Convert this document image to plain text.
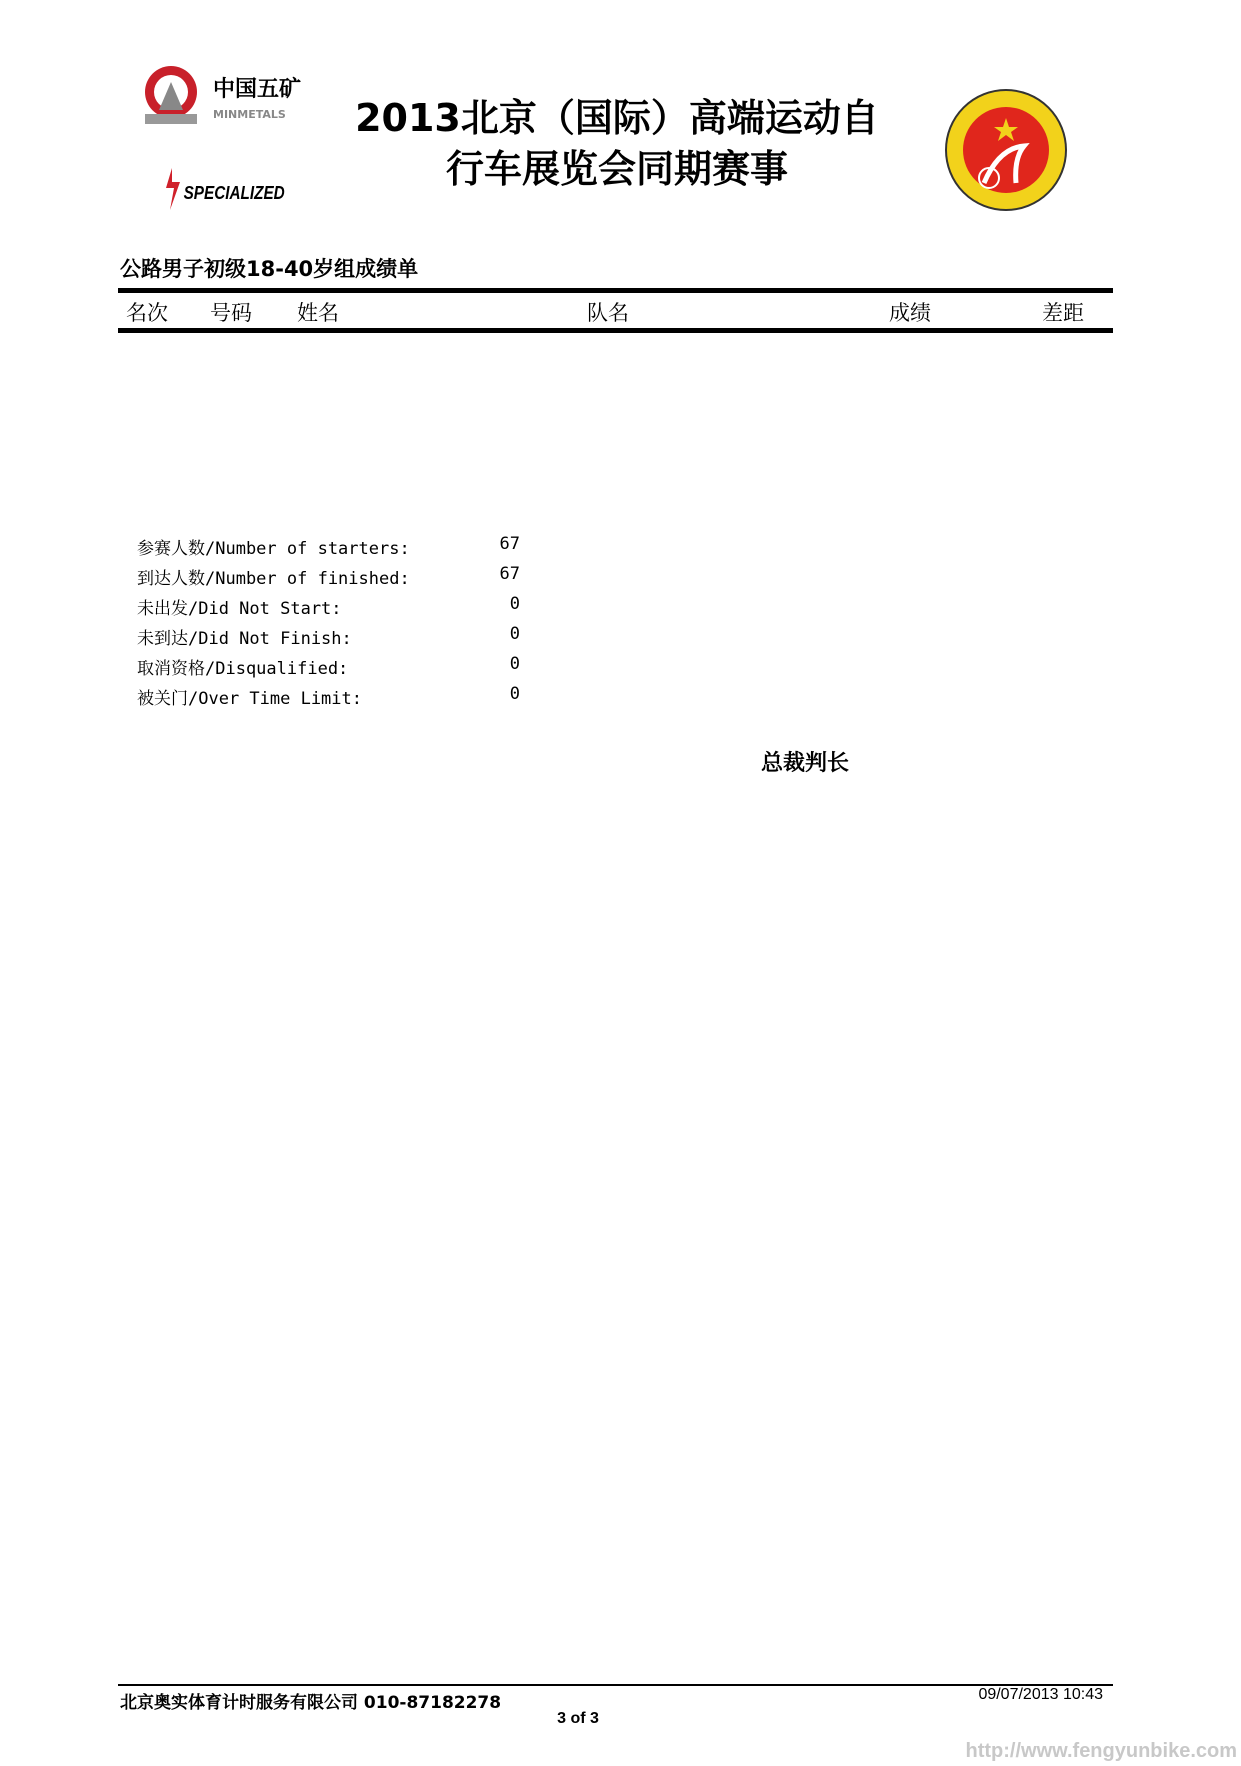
中国五矿
MINMETALS
SPECIALIZED
2013北京（国际）高端运动自
行车展览会同期赛事
公路男子初级18-40岁组成绩单
名次 号码 姓名	队名	成绩	差距
参赛人数/Number of starters:	67
到达人数/Number of finished:	67
未出发/Did Not Start:	0
未到达/Did Not Finish:	0
取消资格/Disqualified:	0
被关门/Over Time Limit:	0
总裁判长
北京奥实体育计时服务有限公司 010-87182278	09/07/2013 10:43
3 of 3
http://www.fengyunbike.com
